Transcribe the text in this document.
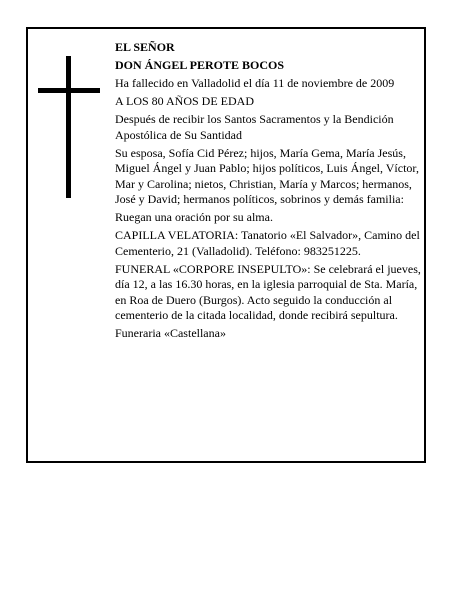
EL SEÑOR

DON ÁNGEL PEROTE BOCOS

Ha fallecido en Valladolid el día 11 de noviembre de 2009

A LOS 80 AÑOS DE EDAD

Después de recibir los Santos Sacramentos y la Bendición Apostólica de Su Santidad

Su esposa, Sofía Cid Pérez; hijos, María Gema, María Jesús, Miguel Ángel y Juan Pablo; hijos políticos, Luis Ángel, Víctor, Mar y Carolina; nietos, Christian, María y Marcos; hermanos, José y David; hermanos políticos, sobrinos y demás familia:

Ruegan una oración por su alma.

CAPILLA VELATORIA: Tanatorio «El Salvador», Camino del Cementerio, 21 (Valladolid). Teléfono: 983251225.

FUNERAL «CORPORE INSEPULTO»: Se celebrará el jueves, día 12, a las 16.30 horas, en la iglesia parroquial de Sta. María, en Roa de Duero (Burgos). Acto seguido la conducción al cementerio de la citada localidad, donde recibirá sepultura.

Funeraria «Castellana»
